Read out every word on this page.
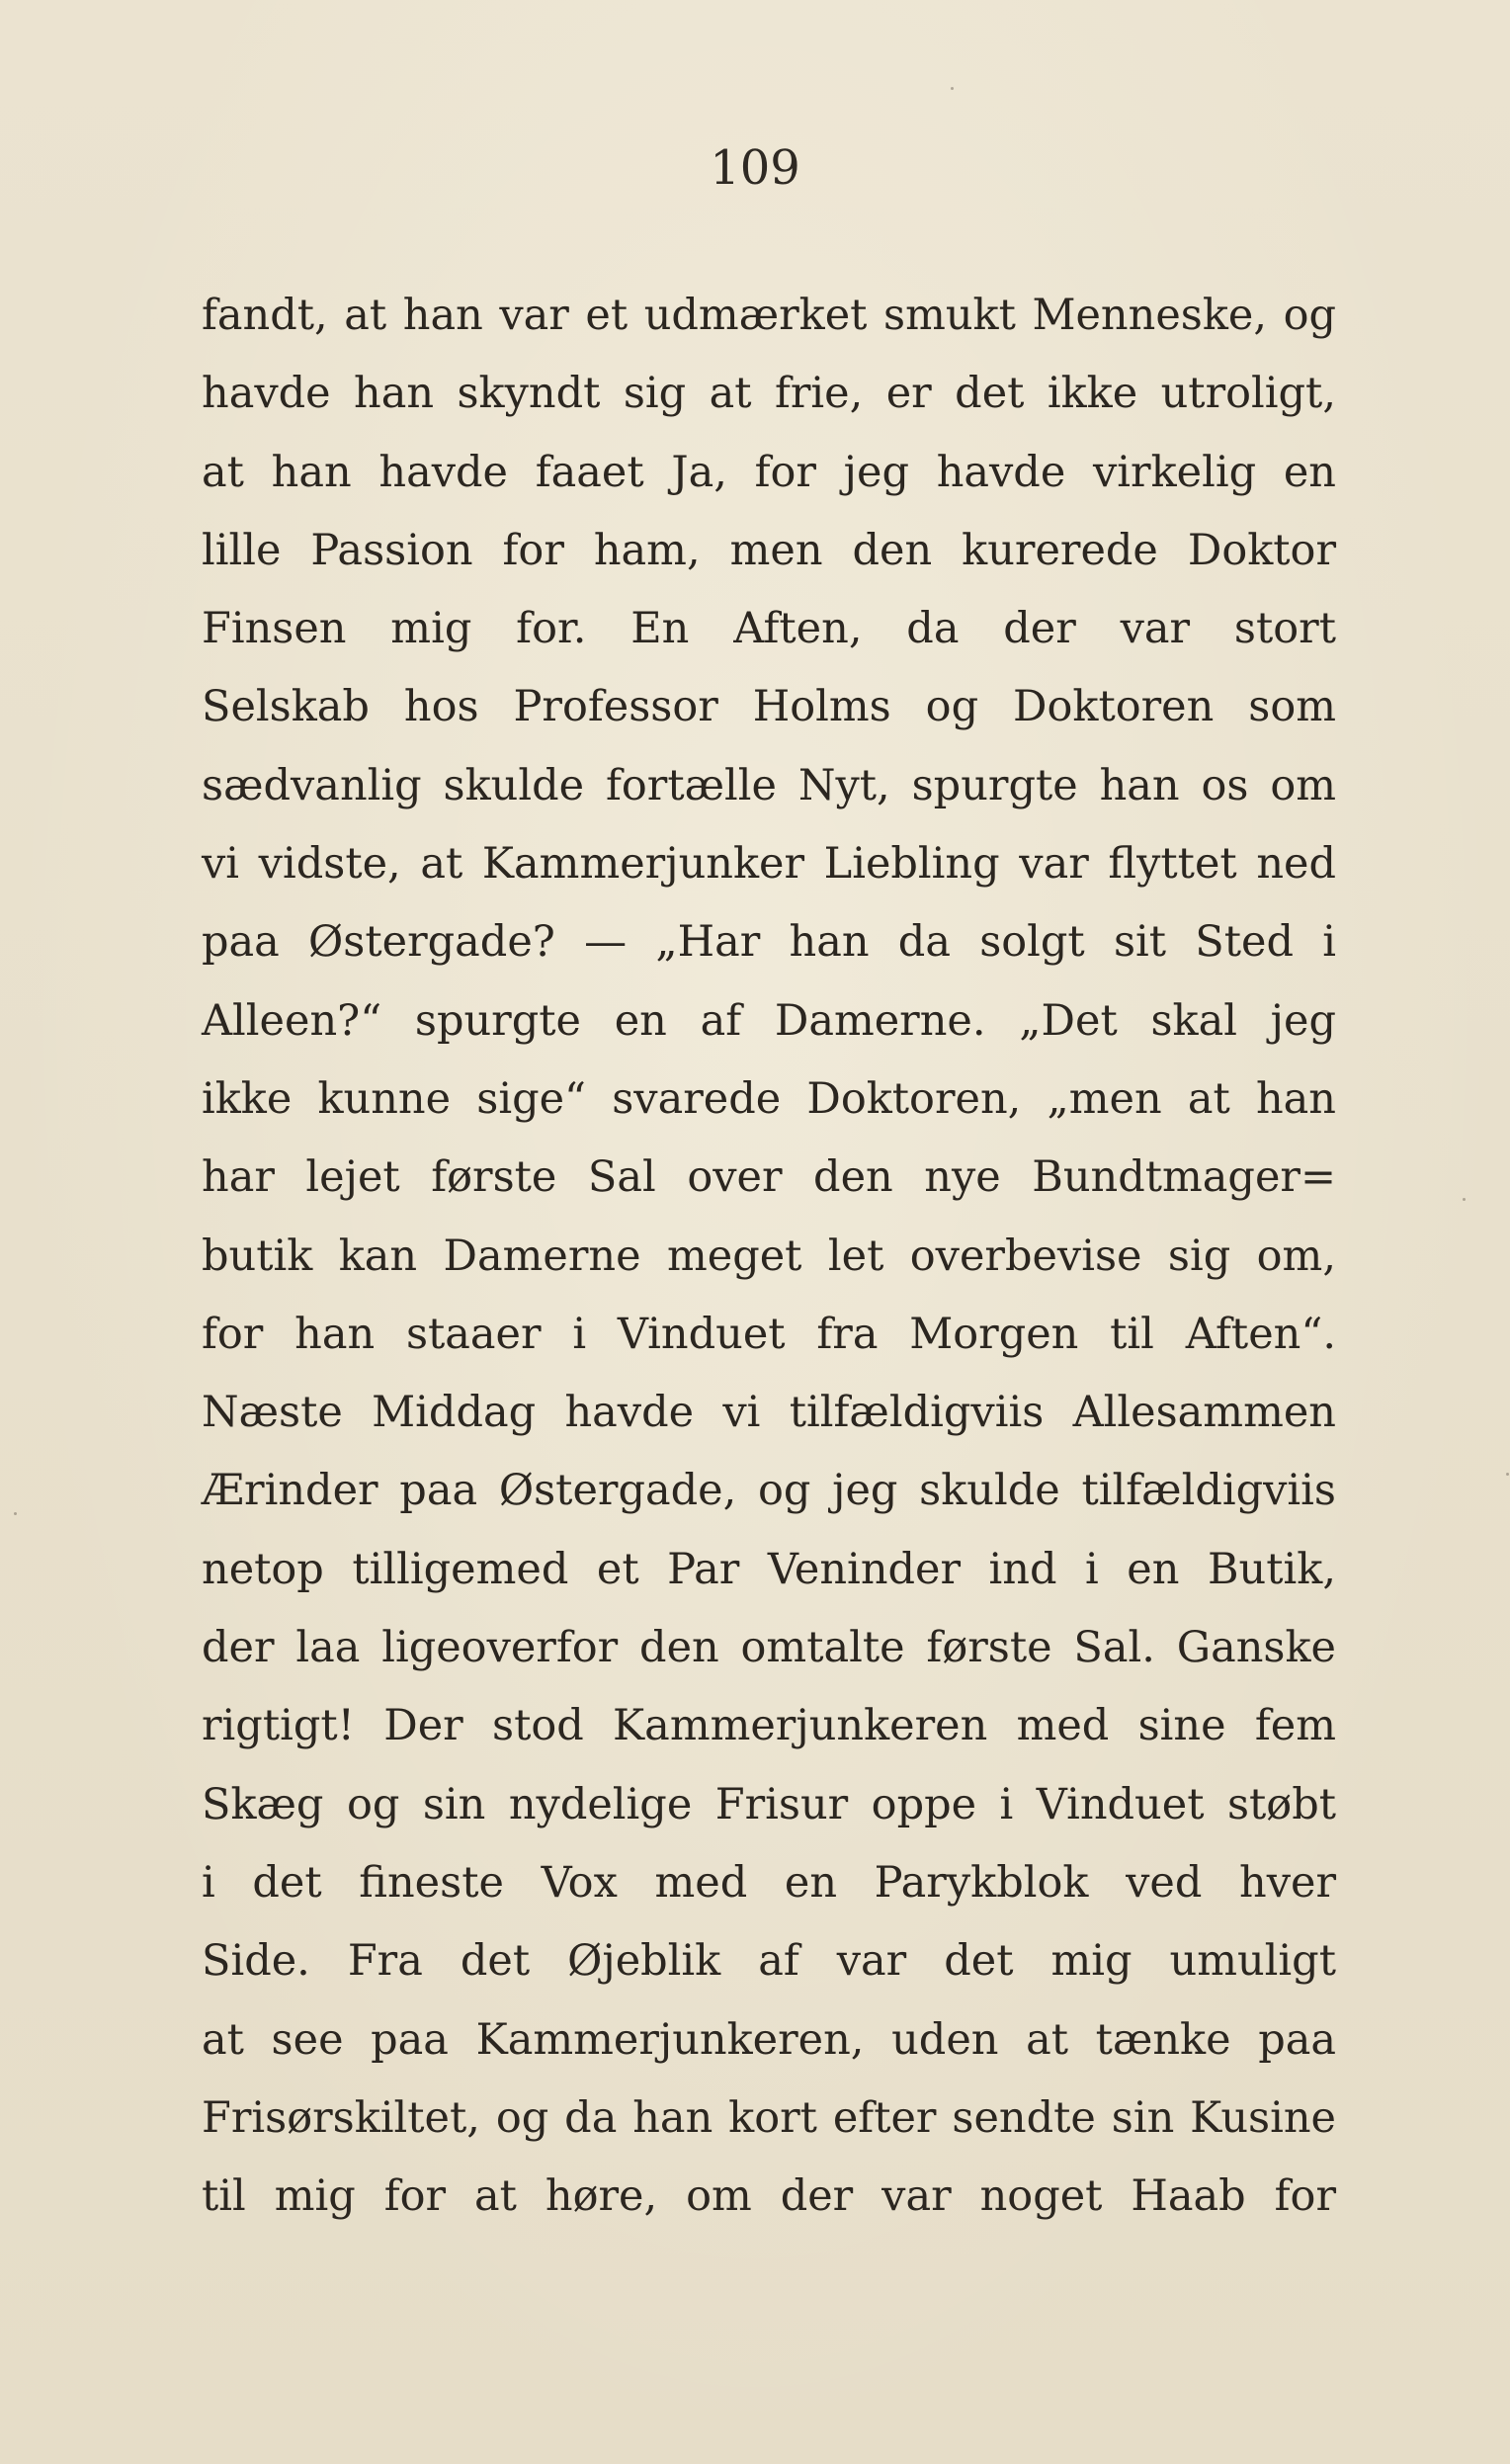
109
fandt, at han var et udmærket smukt Menneske, og
havde han skyndt sig at frie, er det ikke utroligt,
at han havde faaet Ja, for jeg havde virkelig en
lille Passion for ham, men den kurerede Doktor
Finsen mig for. En Aften, da der var stort
Selskab hos Professor Holms og Doktoren som
sædvanlig skulde fortælle Nyt, spurgte han os om
vi vidste, at Kammerjunker Liebling var flyttet ned
paa Østergade? — „Har han da solgt sit Sted i
Alleen?“ spurgte en af Damerne. „Det skal jeg
ikke kunne sige“ svarede Doktoren, „men at han
har lejet første Sal over den nye Bundtmager=
butik kan Damerne meget let overbevise sig om,
for han staaer i Vinduet fra Morgen til Aften“.
Næste Middag havde vi tilfældigviis Allesammen
Ærinder paa Østergade, og jeg skulde tilfældigviis
netop tilligemed et Par Veninder ind i en Butik,
der laa ligeoverfor den omtalte første Sal. Ganske
rigtigt! Der stod Kammerjunkeren med sine fem
Skæg og sin nydelige Frisur oppe i Vinduet støbt
i det fineste Vox med en Parykblok ved hver
Side. Fra det Øjeblik af var det mig umuligt
at see paa Kammerjunkeren, uden at tænke paa
Frisørskiltet, og da han kort efter sendte sin Kusine
til mig for at høre, om der var noget Haab for
